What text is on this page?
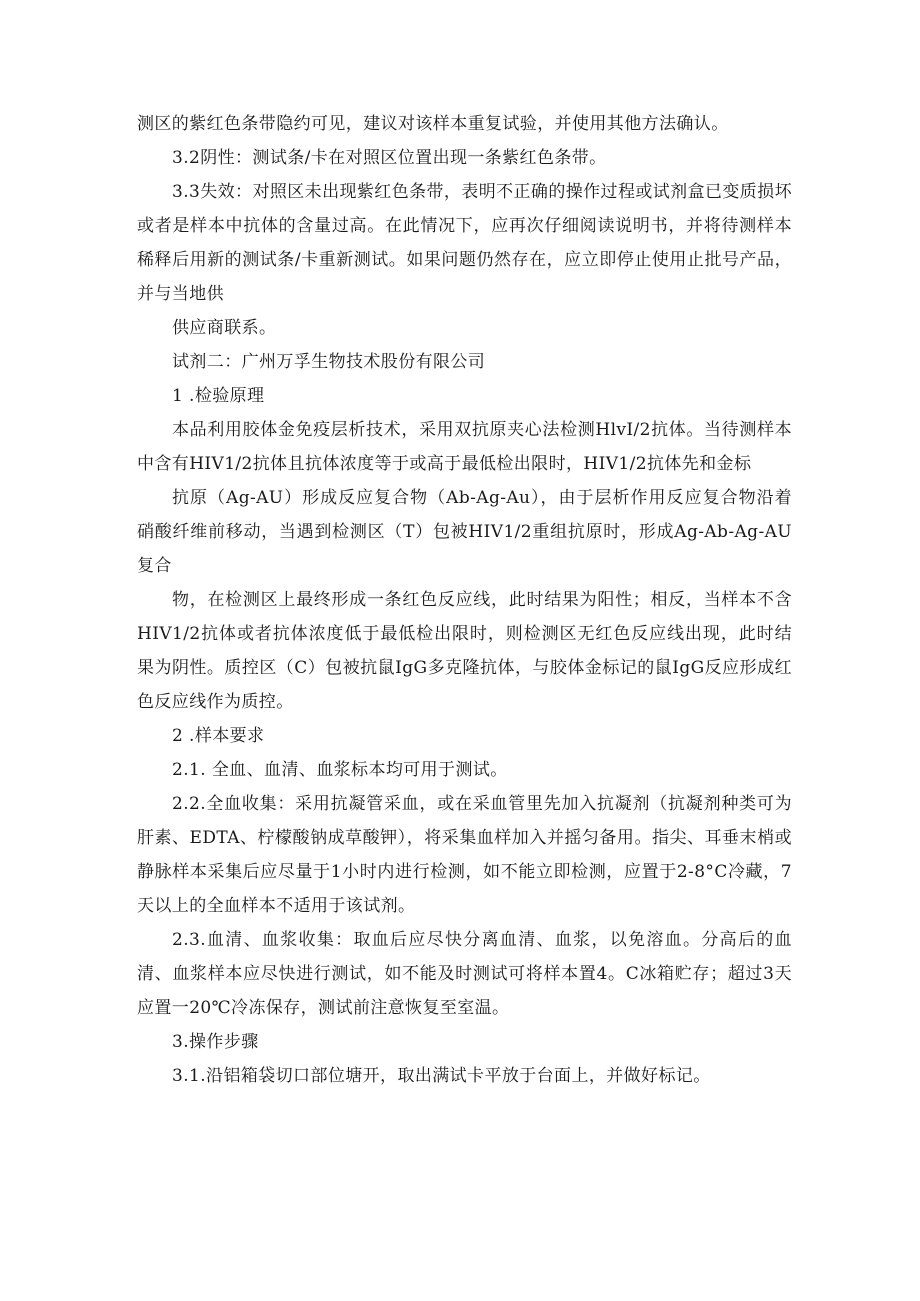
测区的紫红色条带隐约可见，建议对该样本重复试验，并使用其他方法确认。

3.2阴性：测试条/卡在对照区位置出现一条紫红色条带。

3.3失效：对照区未出现紫红色条带，表明不正确的操作过程或试剂盒已变质损坏或者是样本中抗体的含量过高。在此情况下，应再次仔细阅读说明书，并将待测样本稀释后用新的测试条/卡重新测试。如果问题仍然存在，应立即停止使用止批号产品，并与当地供

供应商联系。

试剂二：广州万孚生物技术股份有限公司

1 .检验原理

本品利用胶体金免疫层析技术，采用双抗原夹心法检测HlvI/2抗体。当待测样本中含有HIV1/2抗体且抗体浓度等于或高于最低检出限时，HIV1/2抗体先和金标

抗原（Ag-AU）形成反应复合物（Ab-Ag-Au），由于层析作用反应复合物沿着硝酸纤维前移动，当遇到检测区（T）包被HIV1/2重组抗原时，形成Ag-Ab-Ag-AU复合

物，在检测区上最终形成一条红色反应线，此时结果为阳性；相反，当样本不含HIV1/2抗体或者抗体浓度低于最低检出限时，则检测区无红色反应线出现，此时结果为阴性。质控区（C）包被抗鼠IgG多克隆抗体，与胶体金标记的鼠IgG反应形成红色反应线作为质控。

2 .样本要求

2.1. 全血、血清、血浆标本均可用于测试。

2.2.全血收集：采用抗凝管采血，或在采血管里先加入抗凝剂（抗凝剂种类可为肝素、EDTA、柠檬酸钠成草酸钾），将采集血样加入并摇匀备用。指尖、耳垂末梢或静脉样本采集后应尽量于1小时内进行检测，如不能立即检测，应置于2-8°C冷藏，7天以上的全血样本不适用于该试剂。

2.3.血清、血浆收集：取血后应尽快分离血清、血浆，以免溶血。分高后的血清、血浆样本应尽快进行测试，如不能及时测试可将样本置4。C冰箱贮存；超过3天应置一20℃冷冻保存，测试前注意恢复至室温。

3.操作步骤

3.1.沿铝箱袋切口部位塘开，取出满试卡平放于台面上，并做好标记。
